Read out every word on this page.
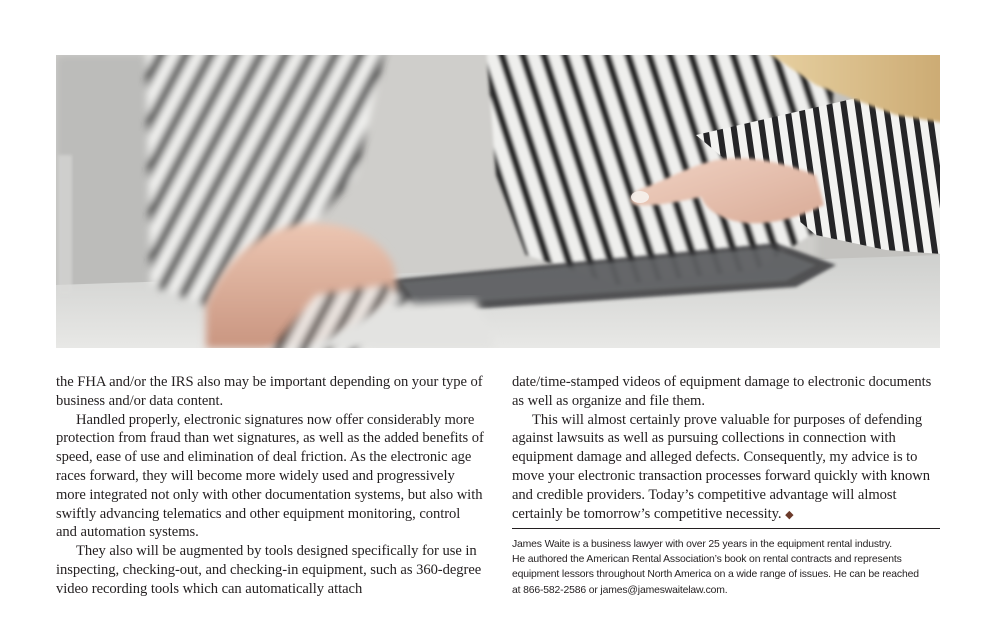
the FHA and/or the IRS also may be important depending on your type of business and/or data content.

Handled properly, electronic signatures now offer considerably more protection from fraud than wet signatures, as well as the added benefits of speed, ease of use and elimination of deal friction. As the electronic age races forward, they will become more widely used and progressively more integrated not only with other documentation systems, but also with swiftly advancing telematics and other equipment monitoring, control and automation systems.

They also will be augmented by tools designed specifically for use in inspecting, checking-out, and checking-in equipment, such as 360-degree video recording tools which can automatically attach

date/time-stamped videos of equipment damage to electronic documents as well as organize and file them.

This will almost certainly prove valuable for purposes of defending against lawsuits as well as pursuing collections in connection with equipment damage and alleged defects. Consequently, my advice is to move your electronic transaction processes forward quickly with known and credible providers. Today’s competitive advantage will almost certainly be tomorrow’s competitive necessity. ◆

James Waite is a business lawyer with over 25 years in the equipment rental industry.
He authored the American Rental Association’s book on rental contracts and represents
equipment lessors throughout North America on a wide range of issues. He can be reached
at 866-582-2586 or james@jameswaitelaw.com.
